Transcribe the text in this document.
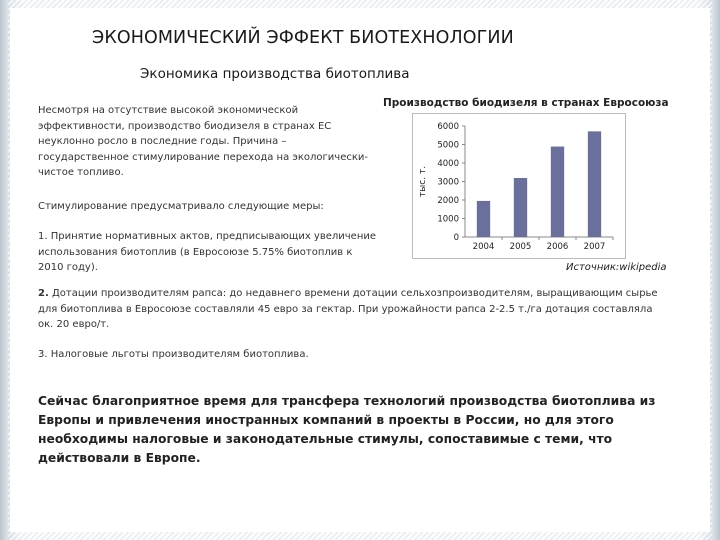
ЭКОНОМИЧЕСКИЙ ЭФФЕКТ БИОТЕХНОЛОГИИ
Экономика производства биотоплива
Несмотря на отсутствие высокой экономической эффективности, производство биодизеля в странах ЕС неуклонно росло в последние годы. Причина – государственное стимулирование перехода на экологически-чистое топливо.
Стимулирование предусматривало следующие меры:
1. Принятие нормативных актов, предписывающих увеличение использования биотоплив (в Евросоюзе 5.75% биотоплив к 2010 году).
2. Дотации производителям рапса: до недавнего времени дотации сельхозпроизводителям, выращивающим сырье для биотоплива в Евросоюзе составляли 45 евро за гектар. При урожайности рапса 2-2.5 т./га дотация составляла ок. 20 евро/т.
3. Налоговые льготы производителям биотоплива.
Сейчас благоприятное время для трансфера технологий производства биотоплива из Европы и привлечения иностранных компаний в проекты в России, но для этого необходимы налоговые и законодательные стимулы, сопоставимые с теми, что действовали в Европе.
Производство биодизеля в странах Евросоюза
тыс. т.
0
1000
2000
3000
4000
5000
6000
2004 2005 2006 2007
Источник:wikipedia
